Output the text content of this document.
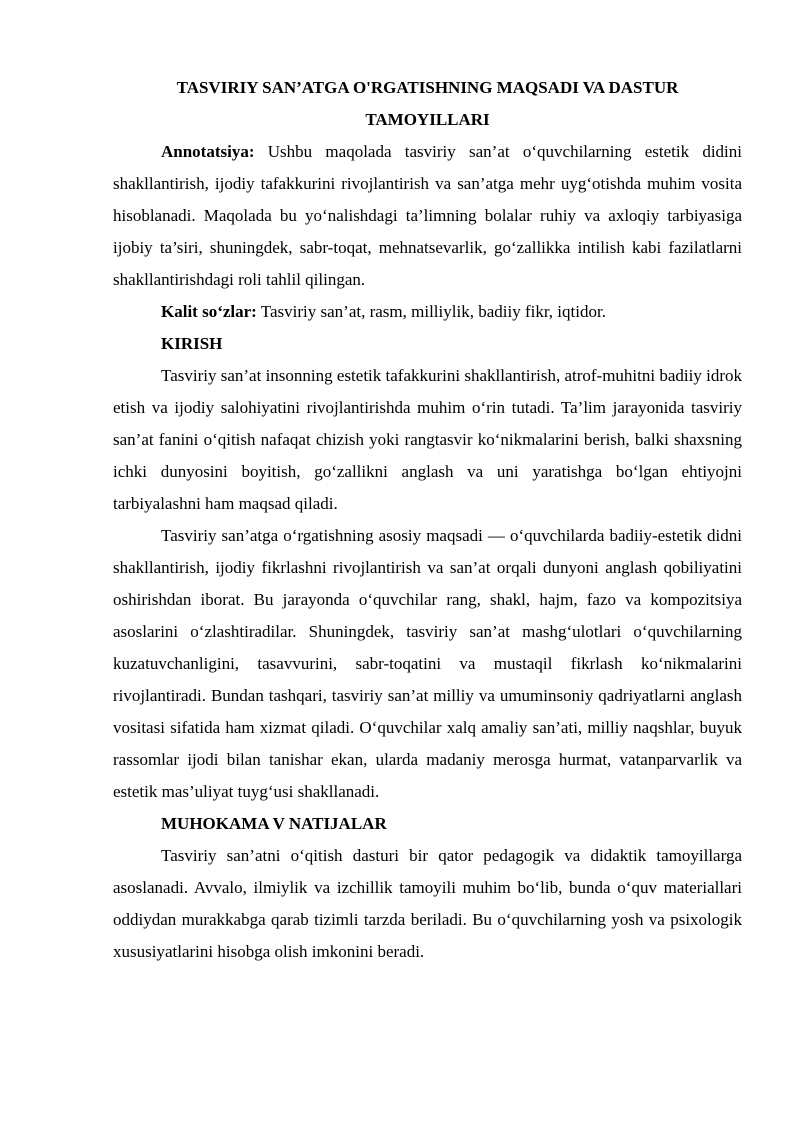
TASVIRIY SAN’ATGA O'RGATISHNING MAQSADI VA DASTUR TAMOYILLARI

Annotatsiya: Ushbu maqolada tasviriy san’at o‘quvchilarning estetik didini shakllantirish, ijodiy tafakkurini rivojlantirish va san’atga mehr uyg‘otishda muhim vosita hisoblanadi. Maqolada bu yo‘nalishdagi ta’limning bolalar ruhiy va axloqiy tarbiyasiga ijobiy ta’siri, shuningdek, sabr-toqat, mehnatsevarlik, go‘zallikka intilish kabi fazilatlarni shakllantirishdagi roli tahlil qilingan.

Kalit so‘zlar: Tasviriy san’at, rasm, milliylik, badiiy fikr, iqtidor.

KIRISH

Tasviriy san’at insonning estetik tafakkurini shakllantirish, atrof-muhitni badiiy idrok etish va ijodiy salohiyatini rivojlantirishda muhim o‘rin tutadi. Ta’lim jarayonida tasviriy san’at fanini o‘qitish nafaqat chizish yoki rangtasvir ko‘nikmalarini berish, balki shaxsning ichki dunyosini boyitish, go‘zallikni anglash va uni yaratishga bo‘lgan ehtiyojni tarbiyalashni ham maqsad qiladi.

Tasviriy san’atga o‘rgatishning asosiy maqsadi — o‘quvchilarda badiiy-estetik didni shakllantirish, ijodiy fikrlashni rivojlantirish va san’at orqali dunyoni anglash qobiliyatini oshirishdan iborat. Bu jarayonda o‘quvchilar rang, shakl, hajm, fazo va kompozitsiya asoslarini o‘zlashtiradilar. Shuningdek, tasviriy san’at mashg‘ulotlari o‘quvchilarning kuzatuvchanligini, tasavvurini, sabr-toqatini va mustaqil fikrlash ko‘nikmalarini rivojlantiradi. Bundan tashqari, tasviriy san’at milliy va umuminsoniy qadriyatlarni anglash vositasi sifatida ham xizmat qiladi. O‘quvchilar xalq amaliy san’ati, milliy naqshlar, buyuk rassomlar ijodi bilan tanishar ekan, ularda madaniy merosga hurmat, vatanparvarlik va estetik mas’uliyat tuyg‘usi shakllanadi.

MUHOKAMA V NATIJALAR

Tasviriy san’atni o‘qitish dasturi bir qator pedagogik va didaktik tamoyillarga asoslanadi. Avvalo, ilmiylik va izchillik tamoyili muhim bo‘lib, bunda o‘quv materiallari oddiydan murakkabga qarab tizimli tarzda beriladi. Bu o‘quvchilarning yosh va psixologik xususiyatlarini hisobga olish imkonini beradi.
